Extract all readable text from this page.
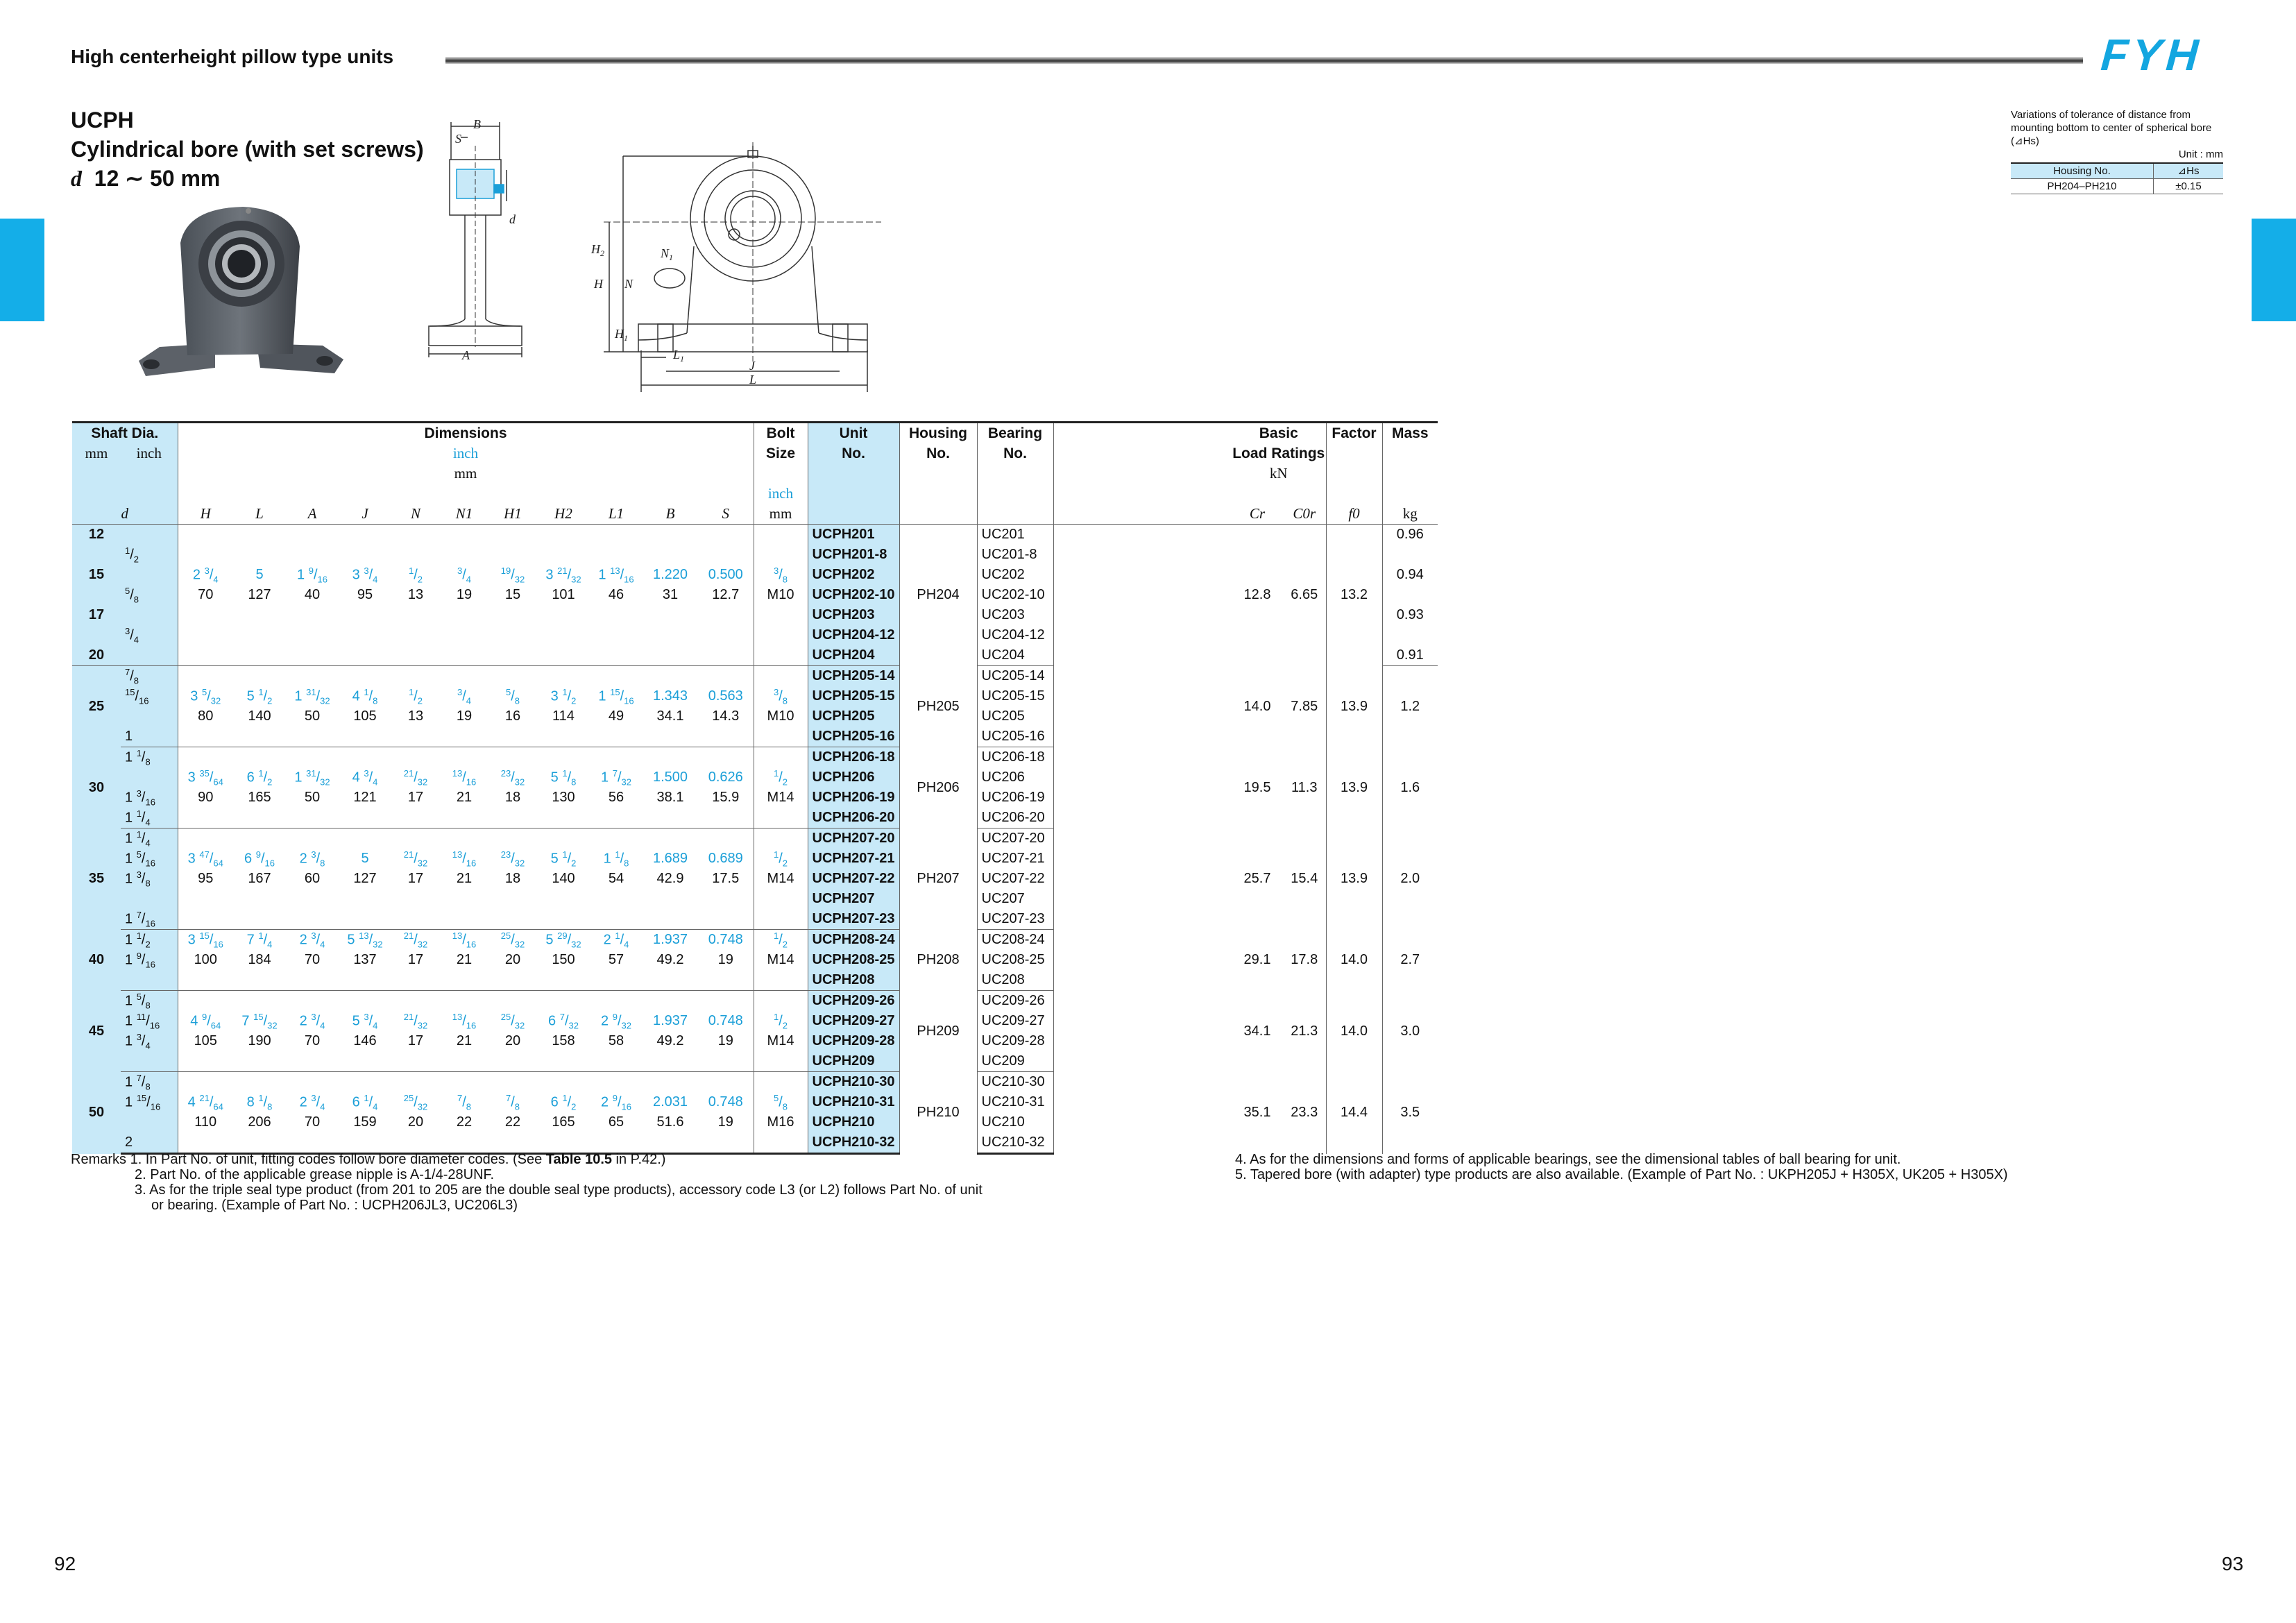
High centerheight pillow type units	FYH
UCPH
Cylindrical bore (with set screws)
d 12 ∼ 50 mm
B
S
d
A
$H_2$
H N
$N_1$
$H_1$
$L_1$	J
L
Variations of tolerance of distance from mounting bottom to center of spherical bore (⊿Hs)
Unit : mm
Housing No.	⊿Hs
PH204–PH210	±0.15
Shaft Dia.		Dimensions											Bolt	Unit	Housing	Bearing		Basic		Factor	Mass
mm	inch	inch											Size	No.	No.	No.		Load Ratings			
		mm																kN			
													inch								
d		H	L	A	J	N	N1	H1	H2	L1	B	S	mm					Cr	C0r	f0	kg
12														UCPH201	PH204	UC201		12.8	6.65	13.2	0.96
	$^1/_2$													UCPH201-8		UC201-8					
15		2 $^3/_4$	5	1 $^9/_{16}$	3 $^3/_4$	$^1/_2$	$^3/_4$	$^{19}/_{32}$	3 $^{21}/_{32}$	1 $^{13}/_{16}$	1.220	0.500	$^3/_8$	UCPH202		UC202					0.94
	$^5/_8$	70	127	40	95	13	19	15	101	46	31	12.7	M10	UCPH202-10		UC202-10					
17														UCPH203		UC203					0.93
	$^3/_4$													UCPH204-12		UC204-12					
20														UCPH204		UC204					0.91
25	$^7/_8$													UCPH205-14	PH205	UC205-14		14.0	7.85	13.9	1.2
	$^{15}/_{16}$	3 $^5/_{32}$	5 $^1/_2$	1 $^{31}/_{32}$	4 $^1/_8$	$^1/_2$	$^3/_4$	$^5/_8$	3 $^1/_2$	1 $^{15}/_{16}$	1.343	0.563	$^3/_8$	UCPH205-15		UC205-15					
		80	140	50	105	13	19	16	114	49	34.1	14.3	M10	UCPH205		UC205					
	1													UCPH205-16		UC205-16					
30	1 $^1/_8$													UCPH206-18	PH206	UC206-18		19.5	11.3	13.9	1.6
		3 $^{35}/_{64}$	6 $^1/_2$	1 $^{31}/_{32}$	4 $^3/_4$	$^{21}/_{32}$	$^{13}/_{16}$	$^{23}/_{32}$	5 $^1/_8$	1 $^7/_{32}$	1.500	0.626	$^1/_2$	UCPH206		UC206					
	1 $^3/_{16}$	90	165	50	121	17	21	18	130	56	38.1	15.9	M14	UCPH206-19		UC206-19					
	1 $^1/_4$													UCPH206-20		UC206-20					
35	1 $^1/_4$													UCPH207-20	PH207	UC207-20		25.7	15.4	13.9	2.0
	1 $^5/_{16}$	3 $^{47}/_{64}$	6 $^9/_{16}$	2 $^3/_8$	5	$^{21}/_{32}$	$^{13}/_{16}$	$^{23}/_{32}$	5 $^1/_2$	1 $^1/_8$	1.689	0.689	$^1/_2$	UCPH207-21		UC207-21					
	1 $^3/_8$	95	167	60	127	17	21	18	140	54	42.9	17.5	M14	UCPH207-22		UC207-22					
														UCPH207		UC207					
	1 $^7/_{16}$													UCPH207-23		UC207-23					
40	1 $^1/_2$	3 $^{15}/_{16}$	7 $^1/_4$	2 $^3/_4$	5 $^{13}/_{32}$	$^{21}/_{32}$	$^{13}/_{16}$	$^{25}/_{32}$	5 $^{29}/_{32}$	2 $^1/_4$	1.937	0.748	$^1/_2$	UCPH208-24	PH208	UC208-24		29.1	17.8	14.0	2.7
	1 $^9/_{16}$	100	184	70	137	17	21	20	150	57	49.2	19	M14	UCPH208-25		UC208-25					
														UCPH208		UC208					
45	1 $^5/_8$													UCPH209-26	PH209	UC209-26		34.1	21.3	14.0	3.0
	1 $^{11}/_{16}$	4 $^9/_{64}$	7 $^{15}/_{32}$	2 $^3/_4$	5 $^3/_4$	$^{21}/_{32}$	$^{13}/_{16}$	$^{25}/_{32}$	6 $^7/_{32}$	2 $^9/_{32}$	1.937	0.748	$^1/_2$	UCPH209-27		UC209-27					
	1 $^3/_4$	105	190	70	146	17	21	20	158	58	49.2	19	M14	UCPH209-28		UC209-28					
														UCPH209		UC209					
50	1 $^7/_8$													UCPH210-30	PH210	UC210-30		35.1	23.3	14.4	3.5
	1 $^{15}/_{16}$	4 $^{21}/_{64}$	8 $^1/_8$	2 $^3/_4$	6 $^1/_4$	$^{25}/_{32}$	$^7/_8$	$^7/_8$	6 $^1/_2$	2 $^9/_{16}$	2.031	0.748	$^5/_8$	UCPH210-31		UC210-31					
		110	206	70	159	20	22	22	165	65	51.6	19	M16	UCPH210		UC210					
	2													UCPH210-32		UC210-32					
Remarks 1. In Part No. of unit, fitting codes follow bore diameter codes. (See Table 10.5 in P.42.)
2. Part No. of the applicable grease nipple is A-1/4-28UNF.
3. As for the triple seal type product (from 201 to 205 are the double seal type products), accessory code L3 (or L2) follows Part No. of unit
or bearing. (Example of Part No. : UCPH206JL3, UC206L3)
4. As for the dimensions and forms of applicable bearings, see the dimensional tables of ball bearing for unit.
5. Tapered bore (with adapter) type products are also available. (Example of Part No. : UKPH205J + H305X, UK205 + H305X)
92	93
